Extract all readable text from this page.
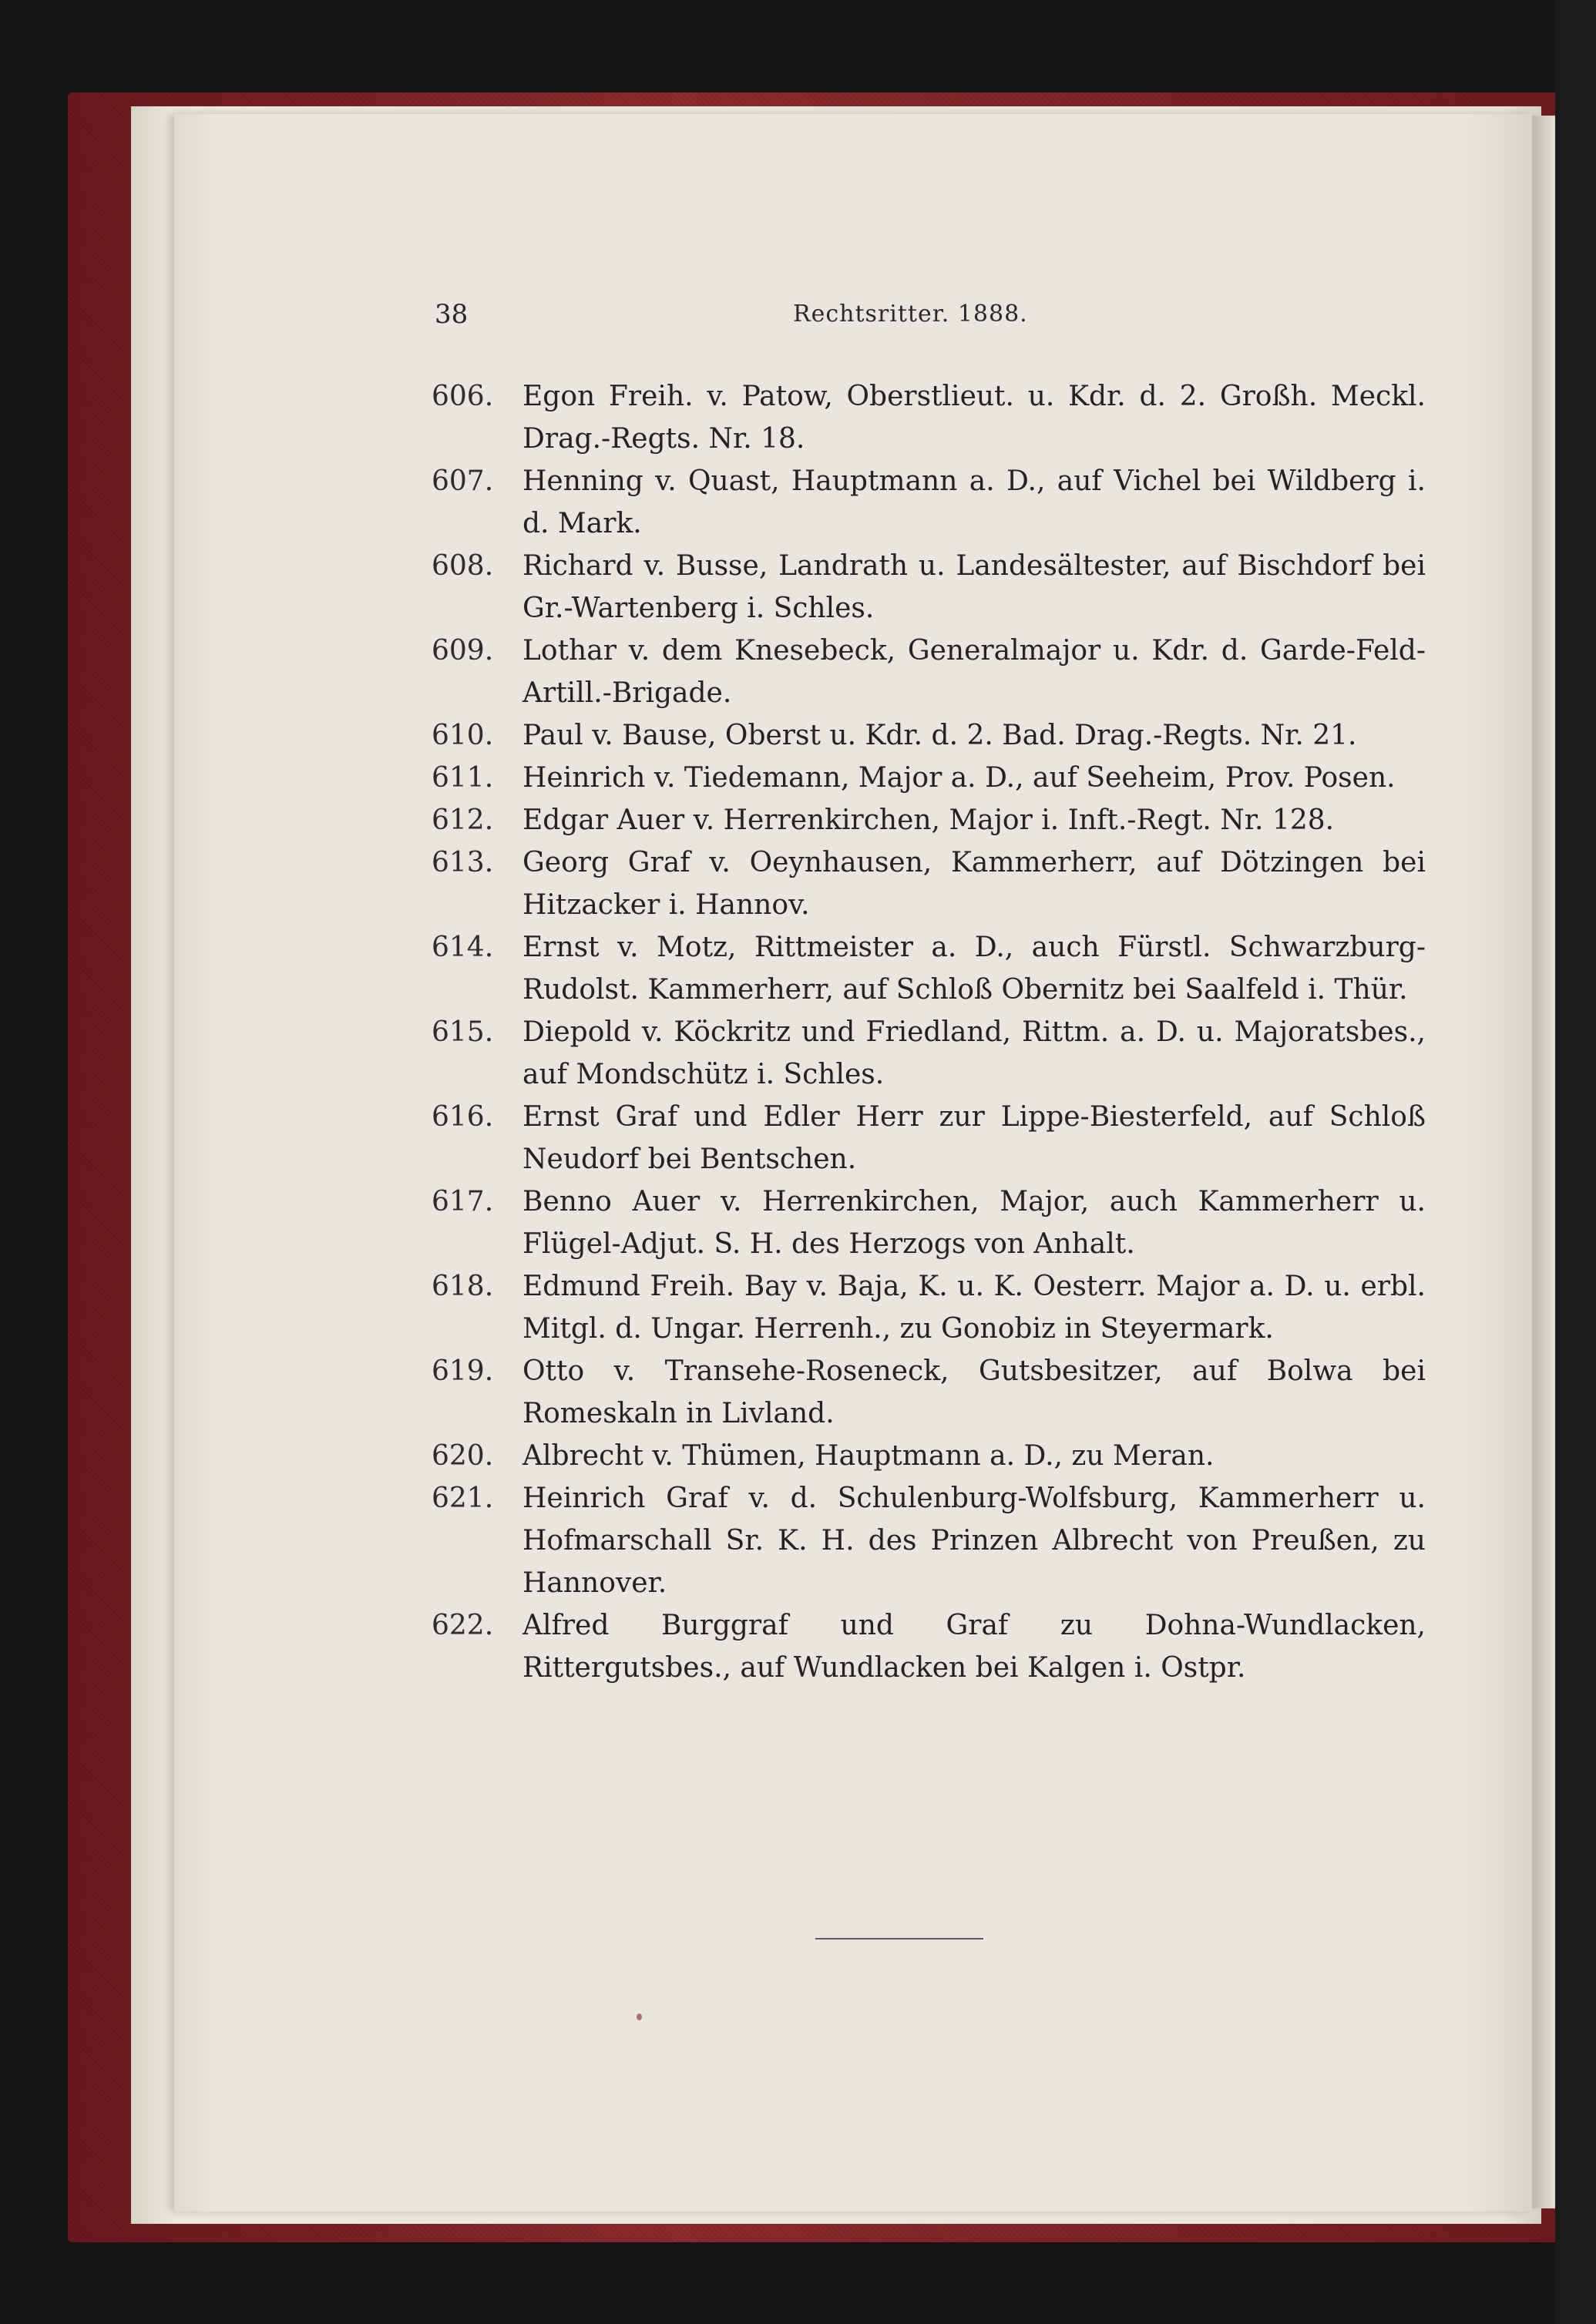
38	Rechtsritter. 1888.
606.	Egon Freih. v. Patow, Oberstlieut. u. Kdr. d. 2. Großh. Meckl. Drag.-Regts. Nr. 18.
607.	Henning v. Quast, Hauptmann a. D., auf Vichel bei Wildberg i. d. Mark.
608.	Richard v. Busse, Landrath u. Landesältester, auf Bischdorf bei Gr.-Wartenberg i. Schles.
609.	Lothar v. dem Knesebeck, Generalmajor u. Kdr. d. Garde-Feld-Artill.-Brigade.
610.	Paul v. Bause, Oberst u. Kdr. d. 2. Bad. Drag.-Regts. Nr. 21.
611.	Heinrich v. Tiedemann, Major a. D., auf Seeheim, Prov. Posen.
612.	Edgar Auer v. Herrenkirchen, Major i. Inft.-Regt. Nr. 128.
613.	Georg Graf v. Oeynhausen, Kammerherr, auf Dötzingen bei Hitzacker i. Hannov.
614.	Ernst v. Motz, Rittmeister a. D., auch Fürstl. Schwarzburg-Rudolst. Kammerherr, auf Schloß Obernitz bei Saalfeld i. Thür.
615.	Diepold v. Köckritz und Friedland, Rittm. a. D. u. Majoratsbes., auf Mondschütz i. Schles.
616.	Ernst Graf und Edler Herr zur Lippe-Biesterfeld, auf Schloß Neudorf bei Bentschen.
617.	Benno Auer v. Herrenkirchen, Major, auch Kammerherr u. Flügel-Adjut. S. H. des Herzogs von Anhalt.
618.	Edmund Freih. Bay v. Baja, K. u. K. Oesterr. Major a. D. u. erbl. Mitgl. d. Ungar. Herrenh., zu Gonobiz in Steyermark.
619.	Otto v. Transehe-Roseneck, Gutsbesitzer, auf Bolwa bei Romeskaln in Livland.
620.	Albrecht v. Thümen, Hauptmann a. D., zu Meran.
621.	Heinrich Graf v. d. Schulenburg-Wolfsburg, Kammerherr u. Hofmarschall Sr. K. H. des Prinzen Albrecht von Preußen, zu Hannover.
622.	Alfred Burggraf und Graf zu Dohna-Wundlacken, Rittergutsbes., auf Wundlacken bei Kalgen i. Ostpr.
